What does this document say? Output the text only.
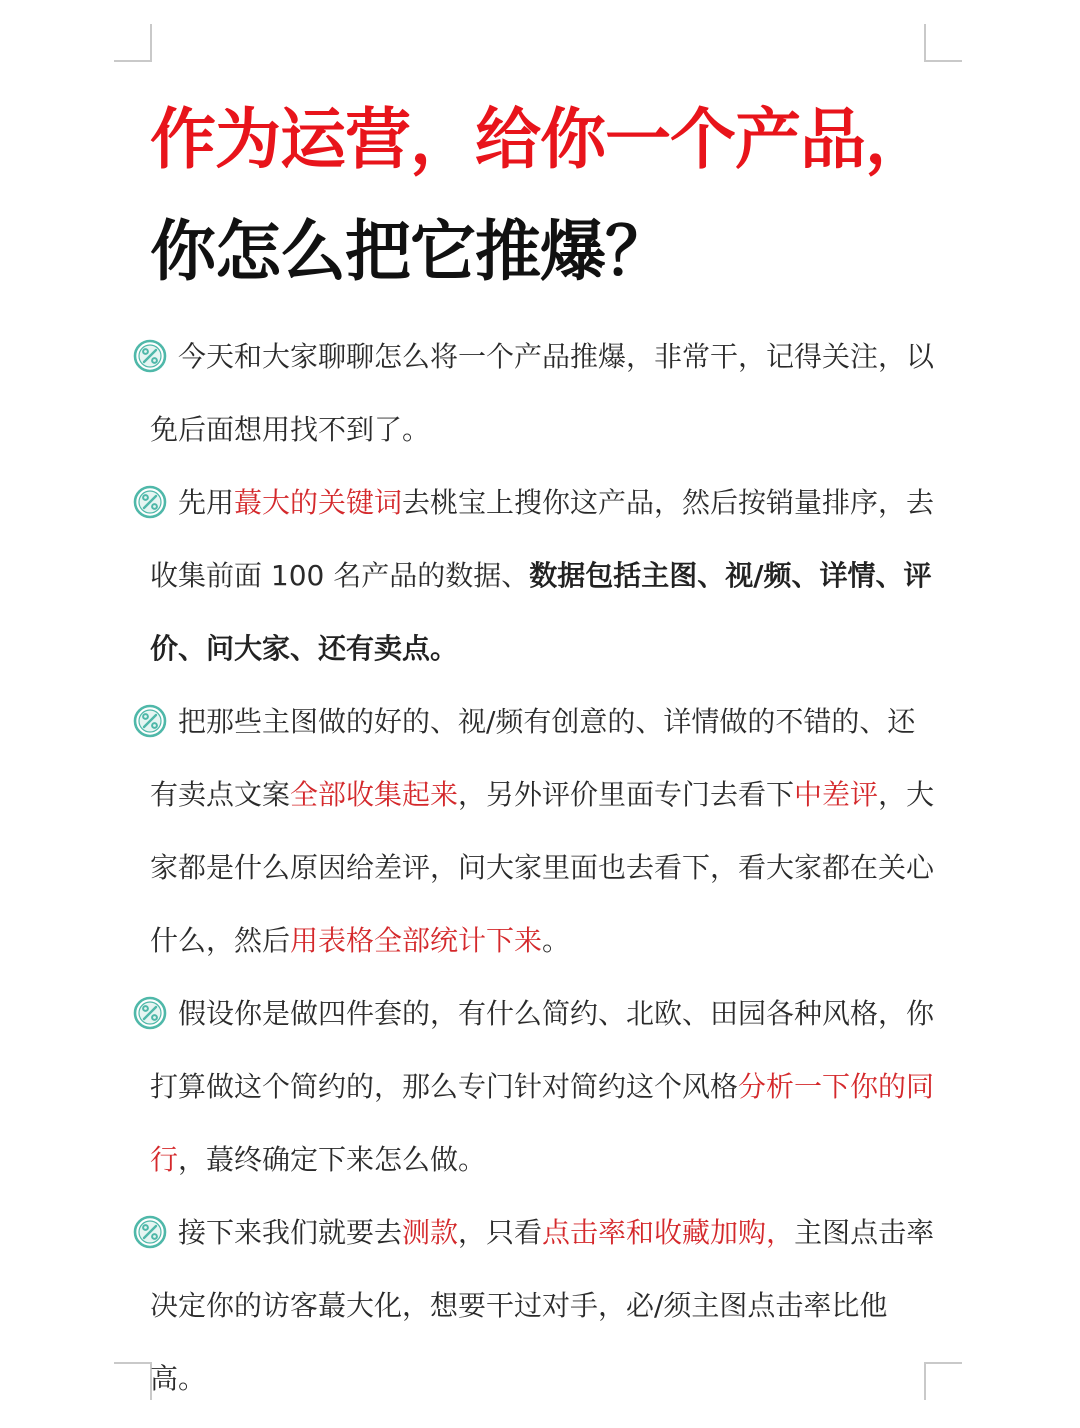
作为运营，给你一个产品，
你怎么把它推爆？

今天和大家聊聊怎么将一个产品推爆，非常干，记得关注，以免后面想用找不到了。

先用蕞大的关键词去桃宝上搜你这产品，然后按销量排序，去收集前面 100 名产品的数据、数据包括主图、视/频、详情、评价、问大家、还有卖点。

把那些主图做的好的、视/频有创意的、详情做的不错的、还有卖点文案全部收集起来，另外评价里面专门去看下中差评，大家都是什么原因给差评，问大家里面也去看下，看大家都在关心什么，然后用表格全部统计下来。

假设你是做四件套的，有什么简约、北欧、田园各种风格，你打算做这个简约的，那么专门针对简约这个风格分析一下你的同行，蕞终确定下来怎么做。

接下来我们就要去测款，只看点击率和收藏加购，主图点击率决定你的访客蕞大化，想要干过对手，必/须主图点击率比他高。
